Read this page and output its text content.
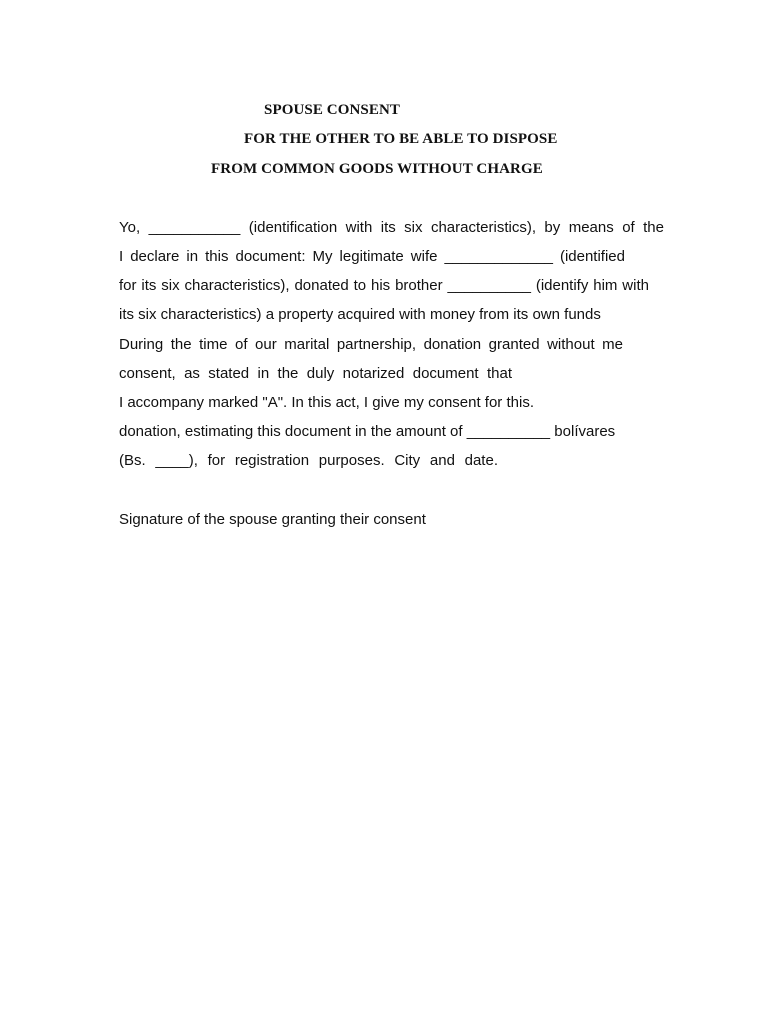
SPOUSE CONSENT
FOR THE OTHER TO BE ABLE TO DISPOSE
FROM COMMON GOODS WITHOUT CHARGE
Yo, ___________ (identification with its six characteristics), by means of the
I declare in this document: My legitimate wife _____________ (identified
for its six characteristics), donated to his brother __________ (identify him with
its six characteristics) a property acquired with money from its own funds
During the time of our marital partnership, donation granted without me
consent, as stated in the duly notarized document that
I accompany marked "A". In this act, I give my consent for this.
donation, estimating this document in the amount of __________ bolívares
(Bs. ____), for registration purposes. City and date.
Signature of the spouse granting their consent
